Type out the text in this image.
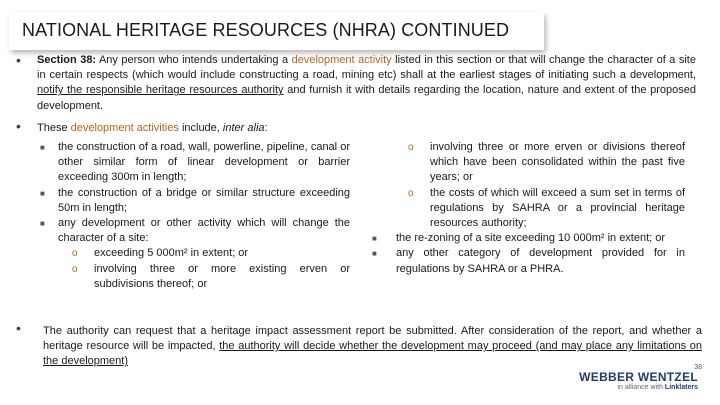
NATIONAL HERITAGE RESOURCES (NHRA) CONTINUED
• Section 38: Any person who intends undertaking a development activity listed in this section or that will change the character of a site in certain respects (which would include constructing a road, mining etc) shall at the earliest stages of initiating such a development, notify the responsible heritage resources authority and furnish it with details regarding the location, nature and extent of the proposed development.
• These development activities include, inter alia:
■ the construction of a road, wall, powerline, pipeline, canal or other similar form of linear development or barrier exceeding 300m in length;
■ the construction of a bridge or similar structure exceeding 50m in length;
■ any development or other activity which will change the character of a site:
o exceeding 5 000m² in extent; or
o involving three or more existing erven or subdivisions thereof; or
o involving three or more erven or divisions thereof which have been consolidated within the past five years; or
o the costs of which will exceed a sum set in terms of regulations by SAHRA or a provincial heritage resources authority;
■ the re-zoning of a site exceeding 10 000m² in extent; or
■ any other category of development provided for in regulations by SAHRA or a PHRA.
• The authority can request that a heritage impact assessment report be submitted. After consideration of the report, and whether a heritage resource will be impacted, the authority will decide whether the development may proceed (and may place any limitations on the development)
38
WEBBER WENTZEL
in alliance with Linklaters
